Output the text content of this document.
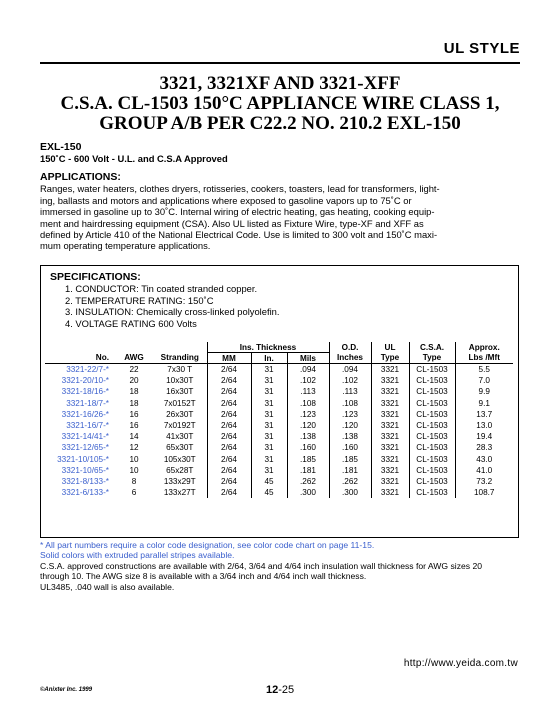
UL STYLE
3321, 3321XF AND 3321-XFF
C.S.A. CL-1503 150°C APPLIANCE WIRE CLASS 1,
GROUP A/B PER C22.2 NO. 210.2 EXL-150
EXL-150
150˚C - 600 Volt - U.L. and C.S.A Approved
APPLICATIONS:
Ranges, water heaters, clothes dryers, rotisseries, cookers, toasters, lead for transformers, light-
ing, ballasts and motors and applications where exposed to gasoline vapors up to 75˚C or
immersed in gasoline up to 30˚C. Internal wiring of electric heating, gas heating, cooking equip-
ment and hairdressing equipment (CSA). Also UL listed as Fixture Wire, type-XF and XFF as
defined by Article 410 of the National Electrical Code. Use is limited to 300 volt and 150˚C maxi-
mum operating temperature applications.
SPECIFICATIONS:
1. CONDUCTOR: Tin coated stranded copper.
2. TEMPERATURE RATING: 150˚C
3. INSULATION: Chemically cross-linked polyolefin.
4. VOLTAGE RATING 600 Volts
			Ins. Thickness			O.D.	UL	C.S.A.	Approx.
No.	AWG	Stranding	MM	In.	Mils	Inches	Type	Type	Lbs /Mft
3321-22/7-*	22	7x30 T	2/64	31	.094	.094	3321	CL-1503	5.5
3321-20/10-*	20	10x30T	2/64	31	.102	.102	3321	CL-1503	7.0
3321-18/16-*	18	16x30T	2/64	31	.113	.113	3321	CL-1503	9.9
3321-18/7-*	18	7x0152T	2/64	31	.108	.108	3321	CL-1503	9.1
3321-16/26-*	16	26x30T	2/64	31	.123	.123	3321	CL-1503	13.7
3321-16/7-*	16	7x0192T	2/64	31	.120	.120	3321	CL-1503	13.0
3321-14/41-*	14	41x30T	2/64	31	.138	.138	3321	CL-1503	19.4
3321-12/65-*	12	65x30T	2/64	31	.160	.160	3321	CL-1503	28.3
3321-10/105-*	10	105x30T	2/64	31	.185	.185	3321	CL-1503	43.0
3321-10/65-*	10	65x28T	2/64	31	.181	.181	3321	CL-1503	41.0
3321-8/133-*	8	133x29T	2/64	45	.262	.262	3321	CL-1503	73.2
3321-6/133-*	6	133x27T	2/64	45	.300	.300	3321	CL-1503	108.7
* All part numbers require a color code designation, see color code chart on page 11-15.
Solid colors with extruded parallel stripes available.
C.S.A. approved constructions are available with 2/64, 3/64 and 4/64 inch insulation wall thickness for AWG sizes 20
through 10. The AWG size 8 is available with a 3/64 inch and 4/64 inch wall thickness.
UL3485, .040 wall is also available.
http://www.yeida.com.tw
©Anixter Inc. 1999	12-25
